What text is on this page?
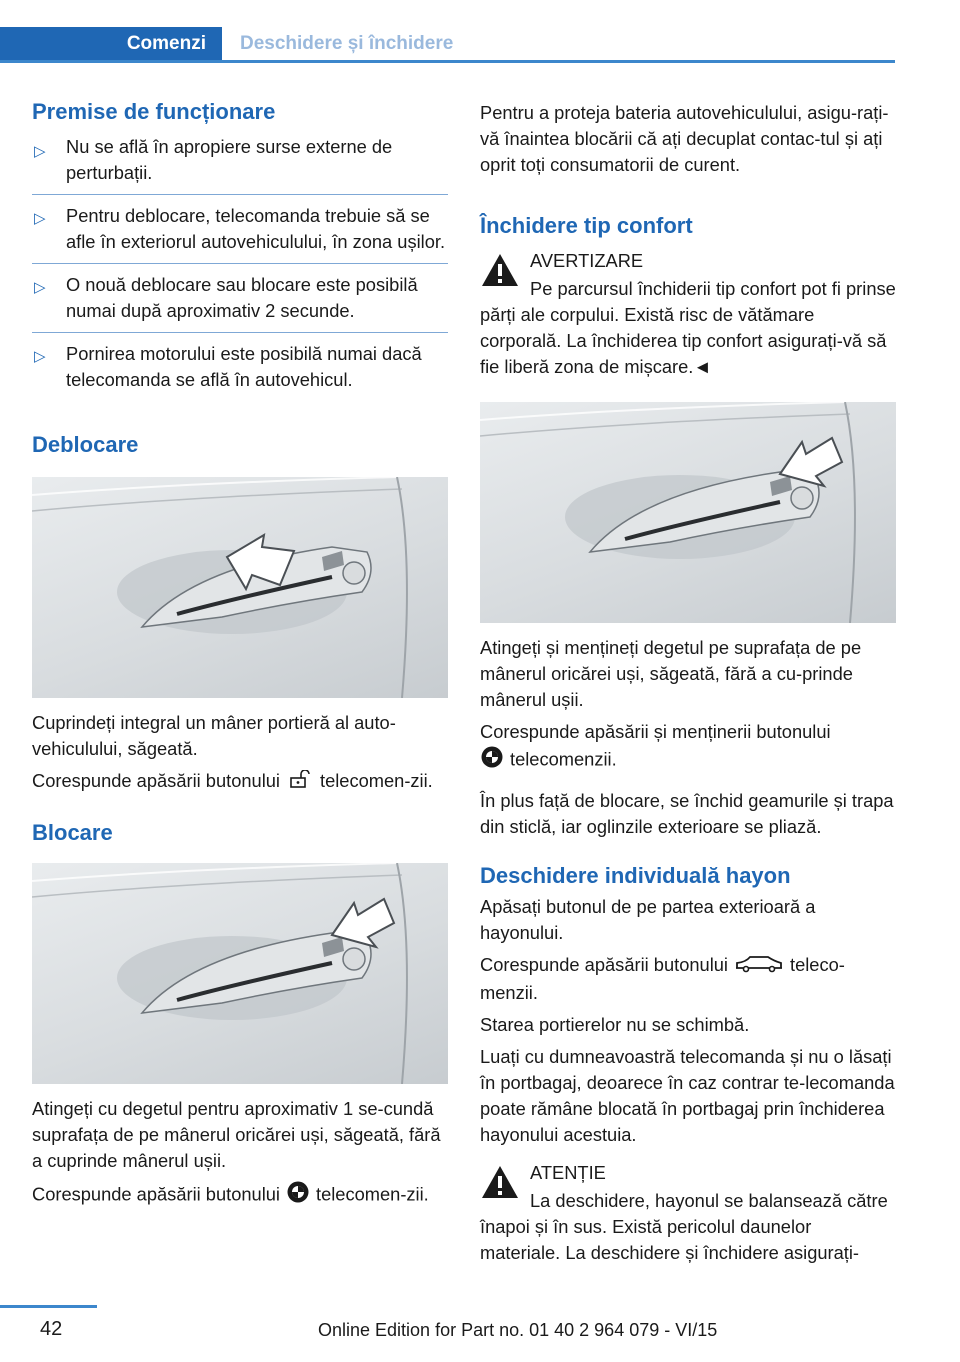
Comenzi	Deschidere și închidere
Premise de funcționare
▷ Nu se află în apropiere surse externe de perturbații.
▷ Pentru deblocare, telecomanda trebuie să se afle în exteriorul autovehiculului, în zona ușilor.
▷ O nouă deblocare sau blocare este posibilă numai după aproximativ 2 secunde.
▷ Pornirea motorului este posibilă numai dacă telecomanda se află în autovehicul.
Deblocare

Cuprindeți integral un mâner portieră al auto‐vehiculului, săgeată.

Corespunde apăsării butonului telecomen‐zii.

Blocare

Atingeți cu degetul pentru aproximativ 1 se‐cundă suprafața de pe mânerul oricărei uși, săgeată, fără a cuprinde mânerul ușii.

Corespunde apăsării butonului telecomen‐zii.

Pentru a proteja bateria autovehiculului, asigu‐rați-vă înaintea blocării că ați decuplat contac‐tul și ați oprit toți consumatorii de curent.

Închidere tip confort
AVERTIZARE

Pe parcursul închiderii tip confort pot fi prinse părți ale corpului. Există risc de vătămare corporală. La închiderea tip confort asigurați-vă să fie liberă zona de mișcare.◄

Atingeți și mențineți degetul pe suprafața de pe mânerul oricărei uși, săgeată, fără a cu‐prinde mânerul ușii.

Corespunde apăsării și menținerii butonului
telecomenzii.

În plus față de blocare, se închid geamurile și trapa din sticlă, iar oglinzile exterioare se pliază.

Deschidere individuală hayon

Apăsați butonul de pe partea exterioară a hayonului.

Corespunde apăsării butonului	teleco‐menzii.

Starea portierelor nu se schimbă.

Luați cu dumneavoastră telecomanda și nu o lăsați în portbagaj, deoarece în caz contrar te‐lecomanda poate rămâne blocată în portbagaj prin închiderea hayonului acestuia.

ATENȚIE

La deschidere, hayonul se balansează către înapoi și în sus. Există pericolul daunelor materiale. La deschidere și închidere asigurați-

42	Online Edition for Part no. 01 40 2 964 079 - VI/15
